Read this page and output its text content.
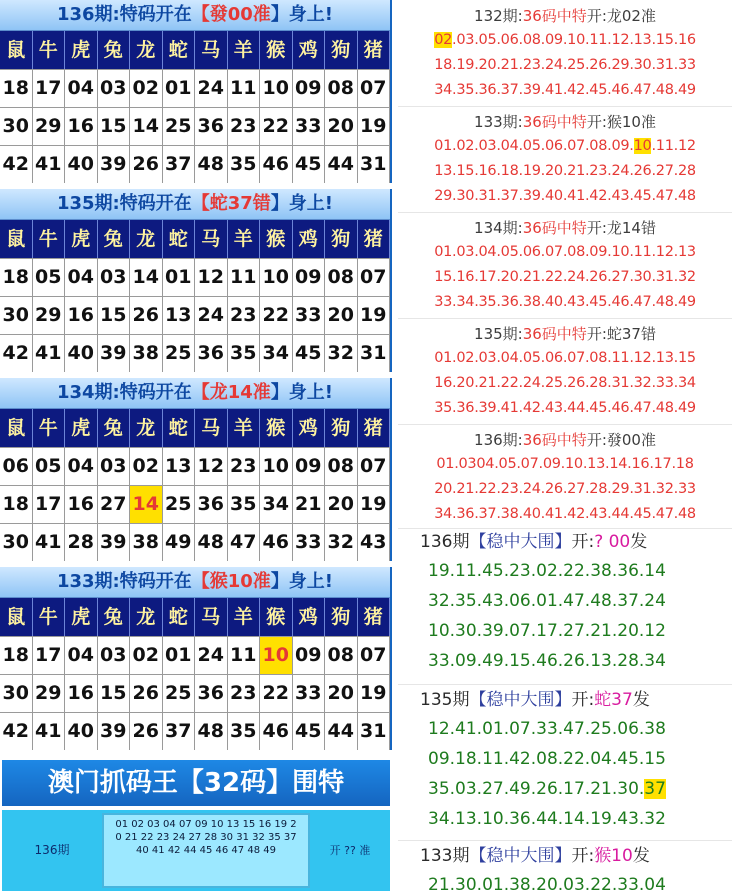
136期:特码开在【發00准】身上!
鼠 牛 虎 兔 龙 蛇 马 羊 猴 鸡 狗 猪
18 17 04 03 02 01 24 11 10 09 08 07
30 29 16 15 14 25 36 23 22 33 20 19
42 41 40 39 26 37 48 35 46 45 44 31
135期:特码开在【蛇37错】身上!
鼠 牛 虎 兔 龙 蛇 马 羊 猴 鸡 狗 猪
18 05 04 03 14 01 12 11 10 09 08 07
30 29 16 15 26 13 24 23 22 33 20 19
42 41 40 39 38 25 36 35 34 45 32 31
134期:特码开在【龙14准】身上!
鼠 牛 虎 兔 龙 蛇 马 羊 猴 鸡 狗 猪
06 05 04 03 02 13 12 23 10 09 08 07
18 17 16 27 14 25 36 35 34 21 20 19
30 41 28 39 38 49 48 47 46 33 32 43
133期:特码开在【猴10准】身上!
鼠 牛 虎 兔 龙 蛇 马 羊 猴 鸡 狗 猪
18 17 04 03 02 01 24 11 10 09 08 07
30 29 16 15 26 25 36 23 22 33 20 19
42 41 40 39 26 37 48 35 46 45 44 31
澳门抓码王【32码】围特
136期
01 02 03 04 07 09 10 13 15 16 19 2
0 21 22 23 24 27 28 30 31 32 35 37
40 41 42 44 45 46 47 48 49	开 ?? 准
132期:36码中特开:龙02准
02.03.05.06.08.09.10.11.12.13.15.16
18.19.20.21.23.24.25.26.29.30.31.33
34.35.36.37.39.41.42.45.46.47.48.49
133期:36码中特开:猴10准
01.02.03.04.05.06.07.08.09.10.11.12
13.15.16.18.19.20.21.23.24.26.27.28
29.30.31.37.39.40.41.42.43.45.47.48
134期:36码中特开:龙14错
01.03.04.05.06.07.08.09.10.11.12.13
15.16.17.20.21.22.24.26.27.30.31.32
33.34.35.36.38.40.43.45.46.47.48.49
135期:36码中特开:蛇37错
01.02.03.04.05.06.07.08.11.12.13.15
16.20.21.22.24.25.26.28.31.32.33.34
35.36.39.41.42.43.44.45.46.47.48.49
136期:36码中特开:發00准
01.0304.05.07.09.10.13.14.16.17.18
20.21.22.23.24.26.27.28.29.31.32.33
34.36.37.38.40.41.42.43.44.45.47.48
136期【稳中大围】开:? 00发
19.11.45.23.02.22.38.36.14
32.35.43.06.01.47.48.37.24
10.30.39.07.17.27.21.20.12
33.09.49.15.46.26.13.28.34
135期【稳中大围】开:蛇37发
12.41.01.07.33.47.25.06.38
09.18.11.42.08.22.04.45.15
35.03.27.49.26.17.21.30.37
34.13.10.36.44.14.19.43.32
133期【稳中大围】开:猴10发
21.30.01.38.20.03.22.33.04
